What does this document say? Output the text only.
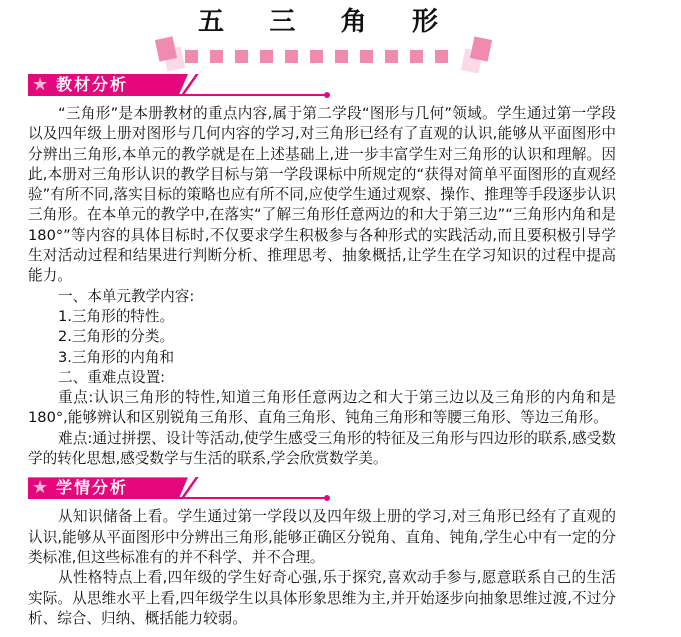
五 三 角 形
★ 教材分析

“三角形”是本册教材的重点内容,属于第二学段“图形与几何”领域。学生通过第一学段以及四年级上册对图形与几何内容的学习,对三角形已经有了直观的认识,能够从平面图形中分辨出三角形,本单元的教学就是在上述基础上,进一步丰富学生对三角形的认识和理解。因此,本册对三角形认识的教学目标与第一学段课标中所规定的“获得对简单平面图形的直观经验”有所不同,落实目标的策略也应有所不同,应使学生通过观察、操作、推理等手段逐步认识三角形。在本单元的教学中,在落实“了解三角形任意两边的和大于第三边”“三角形内角和是180°”等内容的具体目标时,不仅要求学生积极参与各种形式的实践活动,而且要积极引导学生对活动过程和结果进行判断分析、推理思考、抽象概括,让学生在学习知识的过程中提高能力。

一、本单元教学内容:

1.三角形的特性。

2.三角形的分类。

3.三角形的内角和

二、重难点设置:

重点:认识三角形的特性,知道三角形任意两边之和大于第三边以及三角形的内角和是180°,能够辨认和区别锐角三角形、直角三角形、钝角三角形和等腰三角形、等边三角形。

难点:通过拼摆、设计等活动,使学生感受三角形的特征及三角形与四边形的联系,感受数学的转化思想,感受数学与生活的联系,学会欣赏数学美。

★ 学情分析

从知识储备上看。学生通过第一学段以及四年级上册的学习,对三角形已经有了直观的认识,能够从平面图形中分辨出三角形,能够正确区分锐角、直角、钝角,学生心中有一定的分类标准,但这些标准有的并不科学、并不合理。

从性格特点上看,四年级的学生好奇心强,乐于探究,喜欢动手参与,愿意联系自己的生活实际。从思维水平上看,四年级学生以具体形象思维为主,并开始逐步向抽象思维过渡,不过分析、综合、归纳、概括能力较弱。
